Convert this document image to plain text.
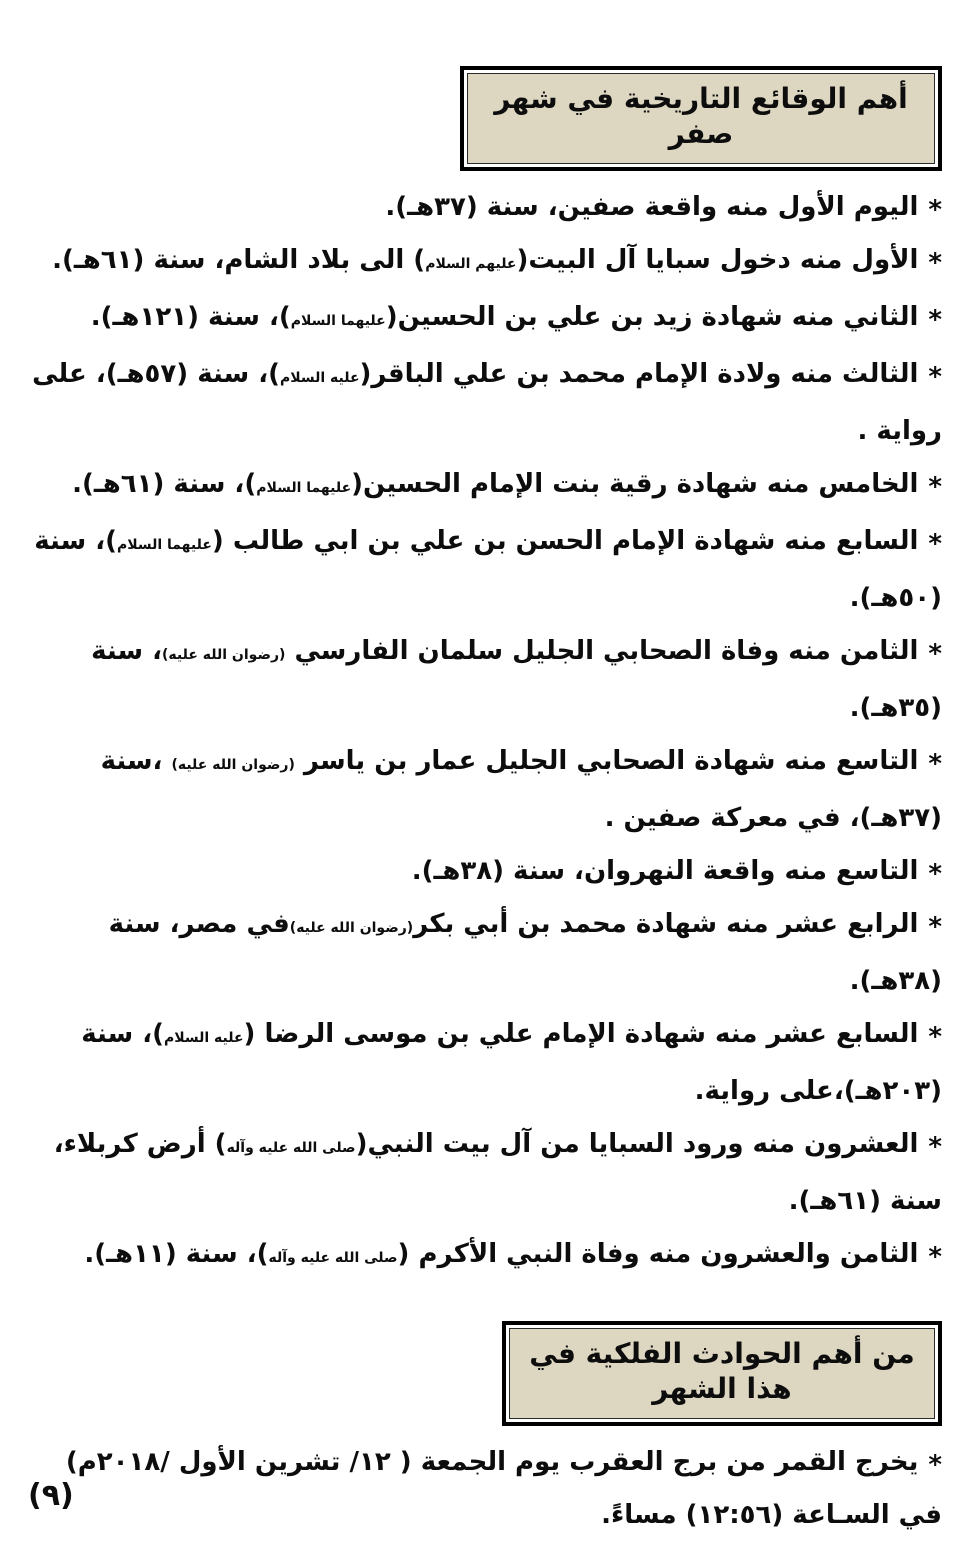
أهم الوقائع التاريخية في شهر صفر
*اليوم الأول منه واقعة صفين، سنة (٣٧هـ).
*الأول منه دخول سبايا آل البيت(عليهم السلام) الى بلاد الشام، سنة (٦١هـ).
*الثاني منه شهادة زيد بن علي بن الحسين(عليهما السلام)، سنة (١٢١هـ).
*الثالث منه ولادة الإمام محمد بن علي الباقر(عليه السلام)، سنة (٥٧هـ)، على رواية .
*الخامس منه شهادة رقية بنت الإمام الحسين(عليهما السلام)، سنة (٦١هـ).
*السابع منه شهادة الإمام الحسن بن علي بن ابي طالب (عليهما السلام)، سنة (٥٠هـ).
*الثامن منه وفاة الصحابي الجليل سلمان الفارسي (رضوان الله عليه)، سنة (٣٥هـ).
*التاسع منه شهادة الصحابي الجليل عمار بن ياسر (رضوان الله عليه) ،سنة (٣٧هـ)، في معركة صفين .
*التاسع منه واقعة النهروان، سنة (٣٨هـ).
*الرابع عشر منه شهادة محمد بن أبي بكر(رضوان الله عليه)في مصر، سنة (٣٨هـ).
*السابع عشر منه شهادة الإمام علي بن موسى الرضا (عليه السلام)، سنة (٢٠٣هـ)،على رواية.
*العشرون منه ورود السبايا من آل بيت النبي(صلى الله عليه وآله) أرض كربلاء، سنة (٦١هـ).
*الثامن والعشرون منه وفاة النبي الأكرم (صلى الله عليه وآله)، سنة (١١هـ).
من أهم الحوادث الفلكية في هذا الشهر
*يخرج القمر من برج العقرب يوم الجمعة ( ١٢/ تشرين الأول /٢٠١٨م) في السـاعة (١٢:٥٦) مساءً.
(٩)
